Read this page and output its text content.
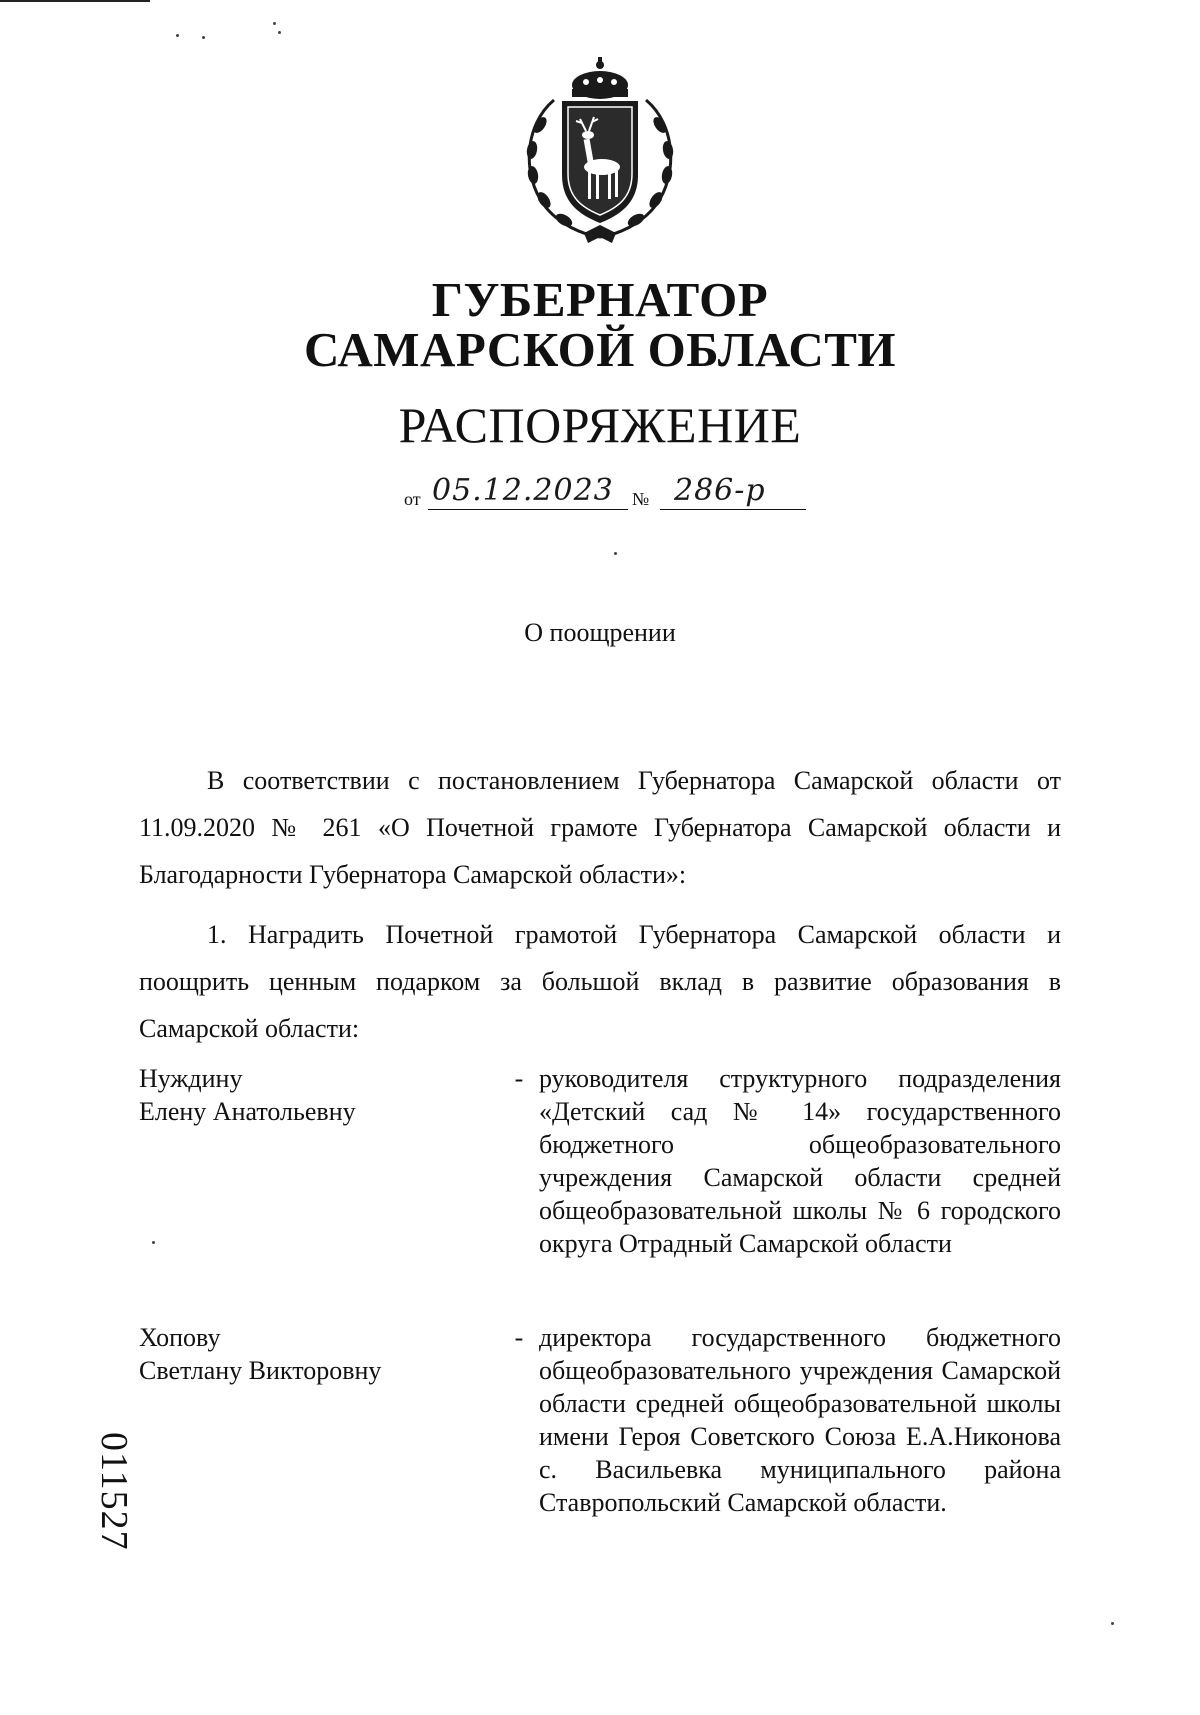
ГУБЕРНАТОР
САМАРСКОЙ ОБЛАСТИ
РАСПОРЯЖЕНИЕ
от 05.12.2023 № 286-р
О поощрении
В соответствии с постановлением Губернатора Самарской области от 11.09.2020 № 261 «О Почетной грамоте Губернатора Самарской области и Благодарности Губернатора Самарской области»:
1. Наградить Почетной грамотой Губернатора Самарской области и поощрить ценным подарком за большой вклад в развитие образования в Самарской области:
Нуждину
Елену Анатольевну
- руководителя структурного подразделения «Детский сад № 14» государственного бюджетного общеобразовательного учреждения Самарской области средней общеобразовательной школы № 6 городского округа Отрадный Самарской области
Хопову
Светлану Викторовну
- директора государственного бюджетного общеобразовательного учреждения Самарской области средней общеобразовательной школы имени Героя Советского Союза Е.А.Никонова с. Васильевка муниципального района Ставропольский Самарской области.
011527
